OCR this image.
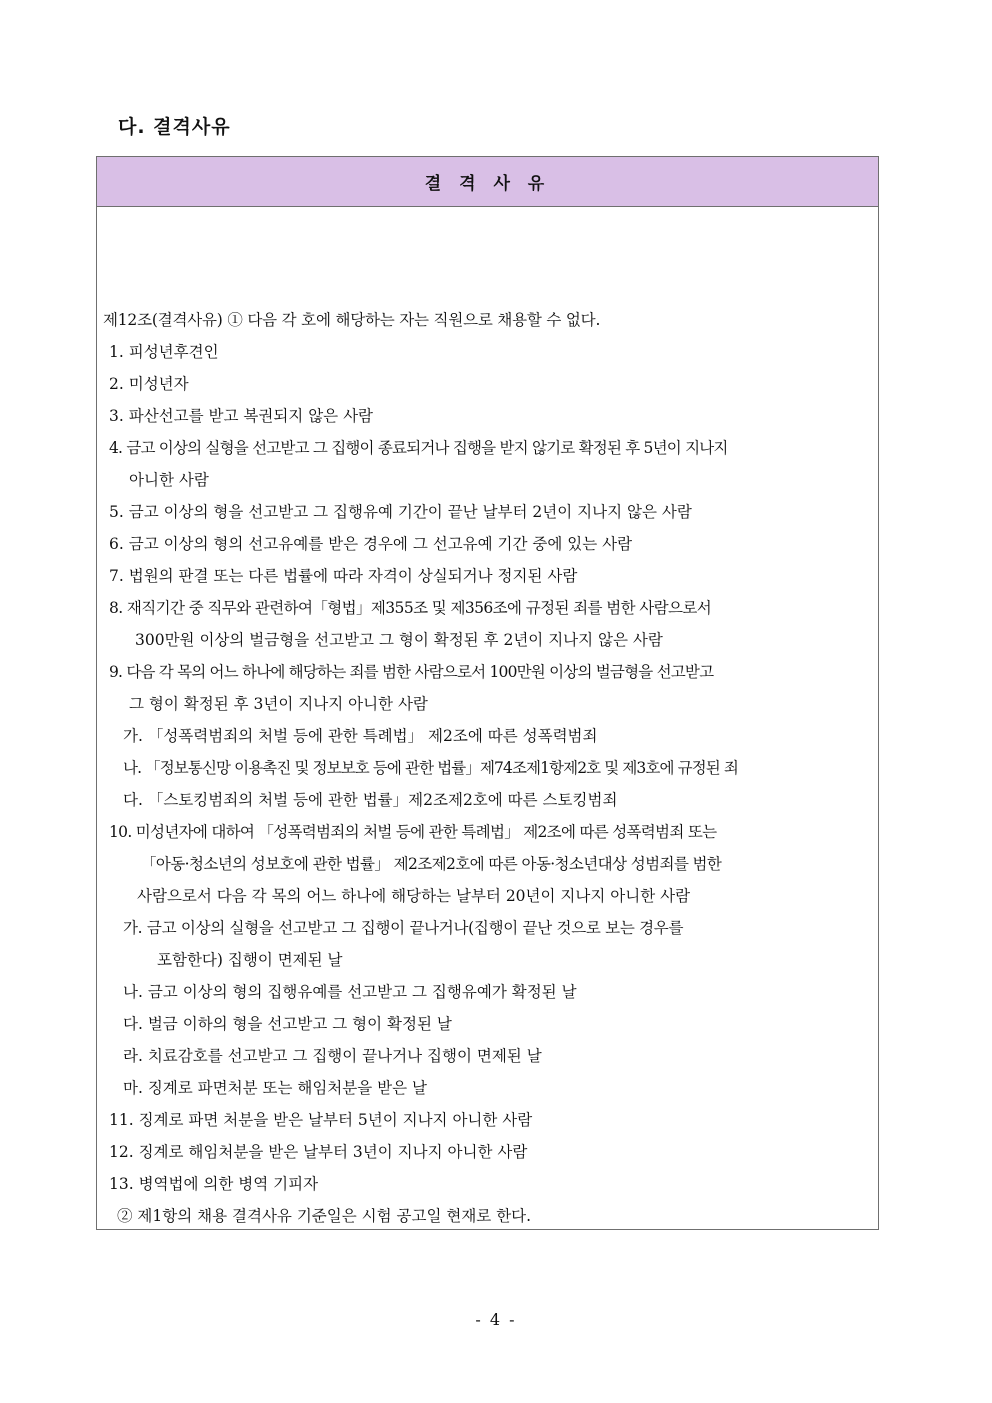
다. 결격사유
결 격 사 유
제12조(결격사유) ① 다음 각 호에 해당하는 자는 직원으로 채용할 수 없다.
1. 피성년후견인
2. 미성년자
3. 파산선고를 받고 복권되지 않은 사람
4. 금고 이상의 실형을 선고받고 그 집행이 종료되거나 집행을 받지 않기로 확정된 후 5년이 지나지
아니한 사람
5. 금고 이상의 형을 선고받고 그 집행유예 기간이 끝난 날부터 2년이 지나지 않은 사람
6. 금고 이상의 형의 선고유예를 받은 경우에 그 선고유예 기간 중에 있는 사람
7. 법원의 판결 또는 다른 법률에 따라 자격이 상실되거나 정지된 사람
8. 재직기간 중 직무와 관련하여「형법」제355조 및 제356조에 규정된 죄를 범한 사람으로서
300만원 이상의 벌금형을 선고받고 그 형이 확정된 후 2년이 지나지 않은 사람
9. 다음 각 목의 어느 하나에 해당하는 죄를 범한 사람으로서 100만원 이상의 벌금형을 선고받고
그 형이 확정된 후 3년이 지나지 아니한 사람
가. 「성폭력범죄의 처벌 등에 관한 특례법」 제2조에 따른 성폭력범죄
나. 「정보통신망 이용촉진 및 정보보호 등에 관한 법률」제74조제1항제2호 및 제3호에 규정된 죄
다. 「스토킹범죄의 처벌 등에 관한 법률」제2조제2호에 따른 스토킹범죄
10. 미성년자에 대하여 「성폭력범죄의 처벌 등에 관한 특례법」 제2조에 따른 성폭력범죄 또는
「아동·청소년의 성보호에 관한 법률」 제2조제2호에 따른 아동·청소년대상 성범죄를 범한
사람으로서 다음 각 목의 어느 하나에 해당하는 날부터 20년이 지나지 아니한 사람
가. 금고 이상의 실형을 선고받고 그 집행이 끝나거나(집행이 끝난 것으로 보는 경우를
포함한다) 집행이 면제된 날
나. 금고 이상의 형의 집행유예를 선고받고 그 집행유예가 확정된 날
다. 벌금 이하의 형을 선고받고 그 형이 확정된 날
라. 치료감호를 선고받고 그 집행이 끝나거나 집행이 면제된 날
마. 징계로 파면처분 또는 해임처분을 받은 날
11. 징계로 파면 처분을 받은 날부터 5년이 지나지 아니한 사람
12. 징계로 해임처분을 받은 날부터 3년이 지나지 아니한 사람
13. 병역법에 의한 병역 기피자
② 제1항의 채용 결격사유 기준일은 시험 공고일 현재로 한다.
- 4 -
